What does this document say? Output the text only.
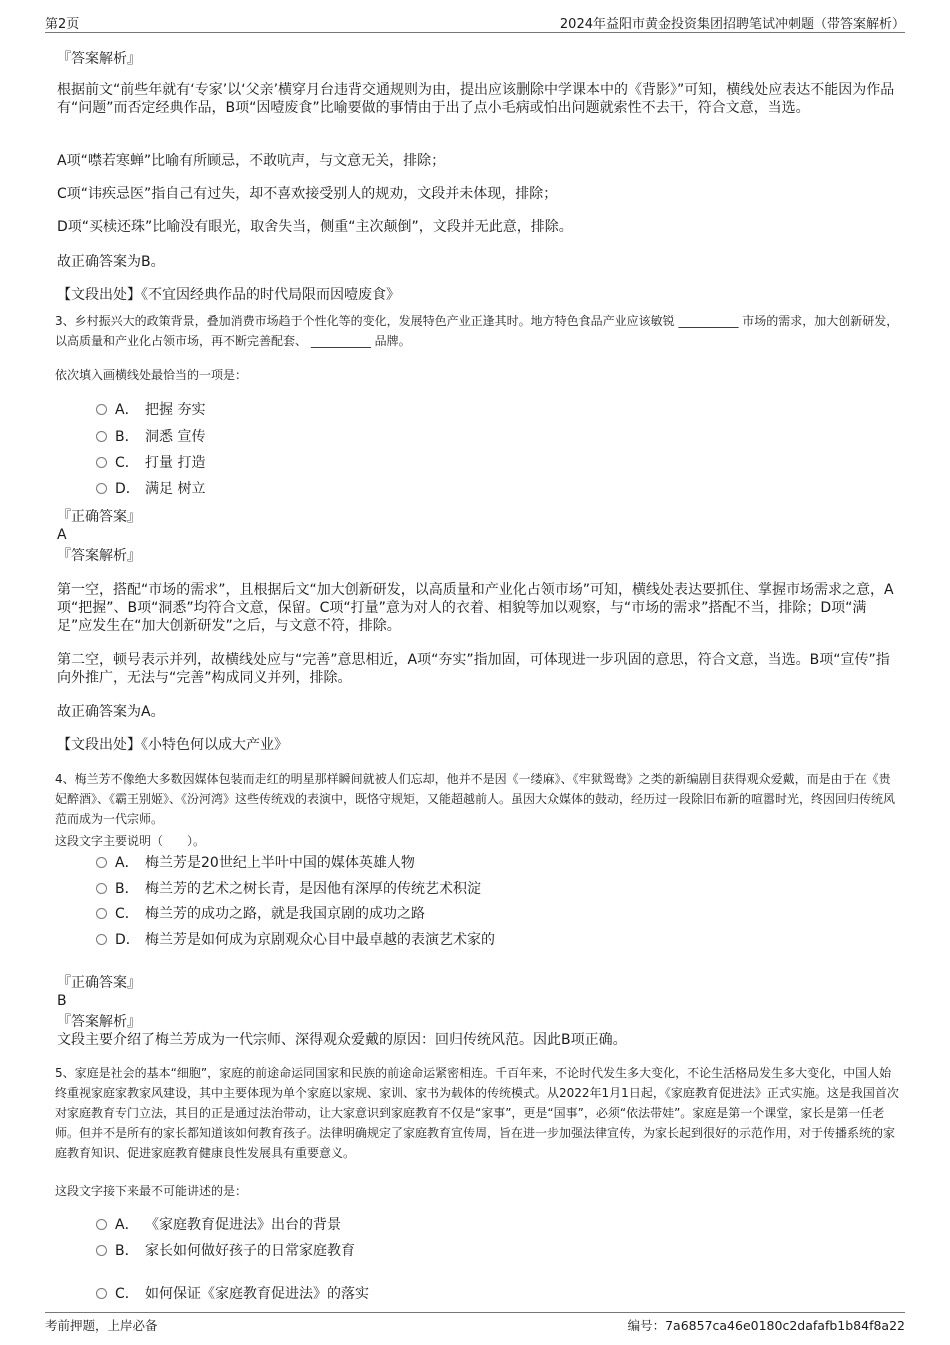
第2页	2024年益阳市黄金投资集团招聘笔试冲刺题（带答案解析）
『答案解析』
根据前文“前些年就有‘专家’以‘父亲’横穿月台违背交通规则为由，提出应该删除中学课本中的《背影》”可知，横线处应表达不能因为作品有“问题”而否定经典作品，B项“因噎废食”比喻要做的事情由于出了点小毛病或怕出问题就索性不去干，符合文意，当选。
A项“噤若寒蝉”比喻有所顾忌，不敢吭声，与文意无关，排除；
C项“讳疾忌医”指自己有过失，却不喜欢接受别人的规劝，文段并未体现，排除；
D项“买椟还珠”比喻没有眼光，取舍失当，侧重“主次颠倒”，文段并无此意，排除。
故正确答案为B。
【文段出处】《不宜因经典作品的时代局限而因噎废食》
3、乡村振兴大的政策背景，叠加消费市场趋于个性化等的变化，发展特色产业正逢其时。地方特色食品产业应该敏锐 __________ 市场的需求，加大创新研发，以高质量和产业化占领市场，再不断完善配套、 __________ 品牌。
依次填入画横线处最恰当的一项是：
A． 把握 夯实
B． 洞悉 宣传
C． 打量 打造
D． 满足 树立
『正确答案』
A
『答案解析』
第一空，搭配“市场的需求”，且根据后文“加大创新研发，以高质量和产业化占领市场”可知，横线处表达要抓住、掌握市场需求之意，A项“把握”、B项“洞悉”均符合文意，保留。C项“打量”意为对人的衣着、相貌等加以观察，与“市场的需求”搭配不当，排除；D项“满足”应发生在“加大创新研发”之后，与文意不符，排除。
第二空，顿号表示并列，故横线处应与“完善”意思相近，A项“夯实”指加固，可体现进一步巩固的意思，符合文意，当选。B项“宣传”指向外推广，无法与“完善”构成同义并列，排除。
故正确答案为A。
【文段出处】《小特色何以成大产业》
4、梅兰芳不像绝大多数因媒体包装而走红的明星那样瞬间就被人们忘却，他并不是因《一缕麻》、《牢狱鸳鸯》之类的新编剧目获得观众爱戴，而是由于在《贵妃醉酒》、《霸王别姬》、《汾河湾》这些传统戏的表演中，既恪守规矩，又能超越前人。虽因大众媒体的鼓动，经历过一段除旧布新的喧嚣时光，终因回归传统风范而成为一代宗师。
这段文字主要说明（　　）。
A． 梅兰芳是20世纪上半叶中国的媒体英雄人物
B． 梅兰芳的艺术之树长青，是因他有深厚的传统艺术积淀
C． 梅兰芳的成功之路，就是我国京剧的成功之路
D． 梅兰芳是如何成为京剧观众心目中最卓越的表演艺术家的
『正确答案』
B
『答案解析』
文段主要介绍了梅兰芳成为一代宗师、深得观众爱戴的原因：回归传统风范。因此B项正确。
5、家庭是社会的基本“细胞”，家庭的前途命运同国家和民族的前途命运紧密相连。千百年来，不论时代发生多大变化，不论生活格局发生多大变化，中国人始终重视家庭家教家风建设，其中主要体现为单个家庭以家规、家训、家书为载体的传统模式。从2022年1月1日起，《家庭教育促进法》正式实施。这是我国首次对家庭教育专门立法，其目的正是通过法治带动，让大家意识到家庭教育不仅是“家事”，更是“国事”，必须“依法带娃”。家庭是第一个课堂，家长是第一任老师。但并不是所有的家长都知道该如何教育孩子。法律明确规定了家庭教育宣传周，旨在进一步加强法律宣传，为家长起到很好的示范作用，对于传播系统的家庭教育知识、促进家庭教育健康良性发展具有重要意义。
这段文字接下来最不可能讲述的是：
A． 《家庭教育促进法》出台的背景
B． 家长如何做好孩子的日常家庭教育
C． 如何保证《家庭教育促进法》的落实
考前押题，上岸必备	编号：7a6857ca46e0180c2dafafb1b84f8a22
